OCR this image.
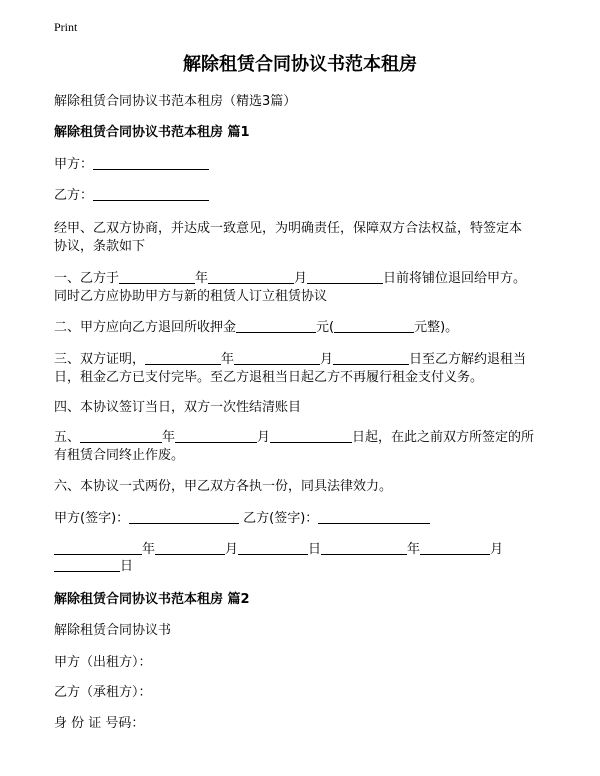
Print
解除租赁合同协议书范本租房
解除租赁合同协议书范本租房（精选3篇）
解除租赁合同协议书范本租房 篇1
甲方：
乙方：
经甲、乙双方协商，并达成一致意见，为明确责任，保障双方合法权益，特签定本
协议，条款如下
一、乙方于	年	月	日前将铺位退回给甲方。
同时乙方应协助甲方与新的租赁人订立租赁协议
二、甲方应向乙方退回所收押金	元(	元整)。
三、双方证明，	年	月	日至乙方解约退租当
日，租金乙方已支付完毕。至乙方退租当日起乙方不再履行租金支付义务。
四、本协议签订当日，双方一次性结清账目
五、	年	月	日起，在此之前双方所签定的所
有租赁合同终止作废。
六、本协议一式两份，甲乙双方各执一份，同具法律效力。
甲方(签字)：	乙方(签字)：
年	月	日	年	月
日
解除租赁合同协议书范本租房 篇2
解除租赁合同协议书
甲方（出租方）：
乙方（承租方）：
身 份 证 号码：
